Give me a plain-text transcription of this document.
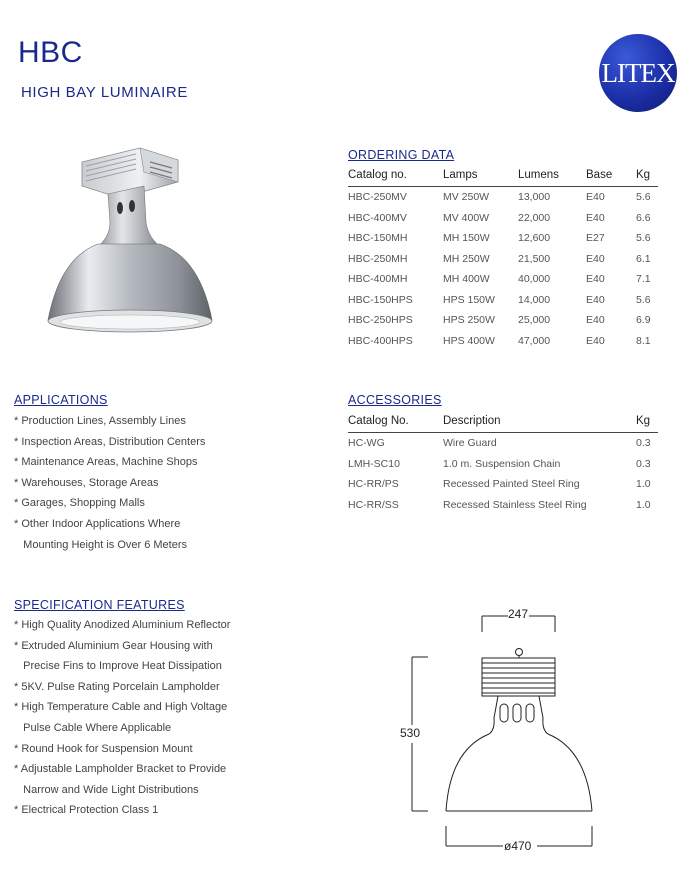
HBC
HIGH BAY LUMINAIRE
LITEX
ORDERING DATA
Catalog no.	Lamps	Lumens	Base	Kg
HBC-250MV	MV 250W	13,000	E40	5.6
HBC-400MV	MV 400W	22,000	E40	6.6
HBC-150MH	MH 150W	12,600	E27	5.6
HBC-250MH	MH 250W	21,500	E40	6.1
HBC-400MH	MH 400W	40,000	E40	7.1
HBC-150HPS	HPS 150W	14,000	E40	5.6
HBC-250HPS	HPS 250W	25,000	E40	6.9
HBC-400HPS	HPS 400W	47,000	E40	8.1
APPLICATIONS
* Production Lines, Assembly Lines
* Inspection Areas, Distribution Centers
* Maintenance Areas, Machine Shops
* Warehouses, Storage Areas
* Garages, Shopping Malls
* Other Indoor Applications Where
Mounting Height is Over 6 Meters
ACCESSORIES
Catalog No.	Description	Kg
HC-WG	Wire Guard	0.3
LMH-SC10	1.0 m. Suspension Chain	0.3
HC-RR/PS	Recessed Painted Steel Ring	1.0
HC-RR/SS	Recessed Stainless Steel Ring	1.0
SPECIFICATION FEATURES
* High Quality Anodized Aluminium Reflector
* Extruded Aluminium Gear Housing with
Precise Fins to Improve Heat Dissipation
* 5KV. Pulse Rating Porcelain Lampholder
* High Temperature Cable and High Voltage
Pulse Cable Where Applicable
* Round Hook for Suspension Mount
* Adjustable Lampholder Bracket to Provide
Narrow and Wide Light Distributions
* Electrical Protection Class 1
247
530
ø470
